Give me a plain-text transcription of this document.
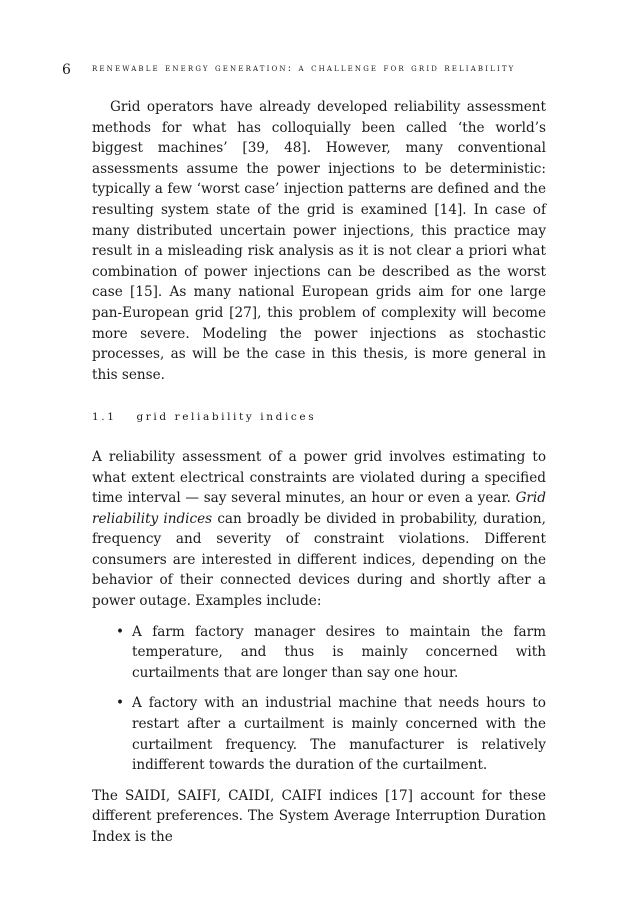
6 renewable energy generation: a challenge for grid reliability

Grid operators have already developed reliability assessment methods for what has colloquially been called ‘the world’s biggest machines’ [39, 48]. However, many conventional assessments assume the power injections to be deterministic: typically a few ‘worst case’ injection patterns are defined and the resulting system state of the grid is examined [14]. In case of many distributed uncertain power injections, this practice may result in a misleading risk analysis as it is not clear a priori what combination of power injections can be described as the worst case [15]. As many national European grids aim for one large pan-European grid [27], this problem of complexity will become more severe. Modeling the power injections as stochastic processes, as will be the case in this thesis, is more general in this sense.

1.1 grid reliability indices

A reliability assessment of a power grid involves estimating to what extent electrical constraints are violated during a specified time interval — say several minutes, an hour or even a year. Grid reliability indices can broadly be divided in probability, duration, frequency and severity of constraint violations. Different consumers are interested in different indices, depending on the behavior of their connected devices during and shortly after a power outage. Examples include:

• A farm factory manager desires to maintain the farm temperature, and thus is mainly concerned with curtailments that are longer than say one hour.
• A factory with an industrial machine that needs hours to restart after a curtailment is mainly concerned with the curtailment frequency. The manufacturer is relatively indifferent towards the duration of the curtailment.

The SAIDI, SAIFI, CAIDI, CAIFI indices [17] account for these different preferences. The System Average Interruption Duration Index is the
